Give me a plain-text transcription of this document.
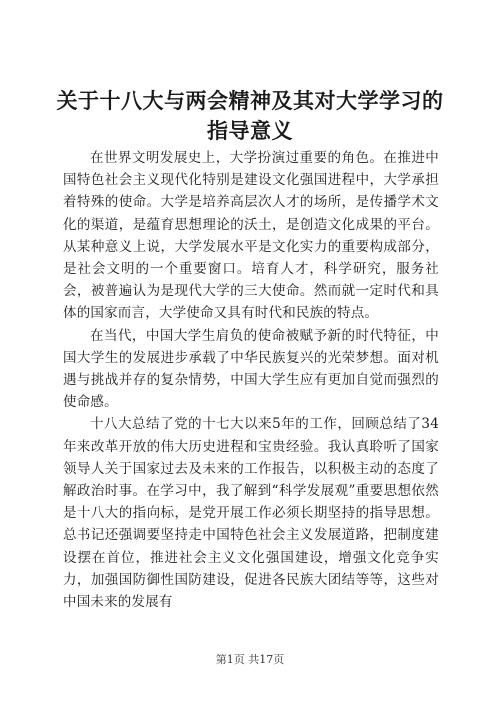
关于十八大与两会精神及其对大学学习的指导意义

在世界文明发展史上，大学扮演过重要的角色。在推进中国特色社会主义现代化特别是建设文化强国进程中，大学承担着特殊的使命。大学是培养高层次人才的场所，是传播学术文化的渠道，是蕴育思想理论的沃土，是创造文化成果的平台。从某种意义上说，大学发展水平是文化实力的重要构成部分，是社会文明的一个重要窗口。培育人才，科学研究，服务社会，被普遍认为是现代大学的三大使命。然而就一定时代和具体的国家而言，大学使命又具有时代和民族的特点。

在当代，中国大学生肩负的使命被赋予新的时代特征，中国大学生的发展进步承载了中华民族复兴的光荣梦想。面对机遇与挑战并存的复杂情势，中国大学生应有更加自觉而强烈的使命感。

十八大总结了党的十七大以来5年的工作，回顾总结了34年来改革开放的伟大历史进程和宝贵经验。我认真聆听了国家领导人关于国家过去及未来的工作报告，以积极主动的态度了解政治时事。在学习中，我了解到“科学发展观”重要思想依然是十八大的指向标，是党开展工作必须长期坚持的指导思想。总书记还强调要坚持走中国特色社会主义发展道路，把制度建设摆在首位，推进社会主义文化强国建设，增强文化竞争实力，加强国防御性国防建设，促进各民族大团结等等，这些对中国未来的发展有

第1页 共17页
